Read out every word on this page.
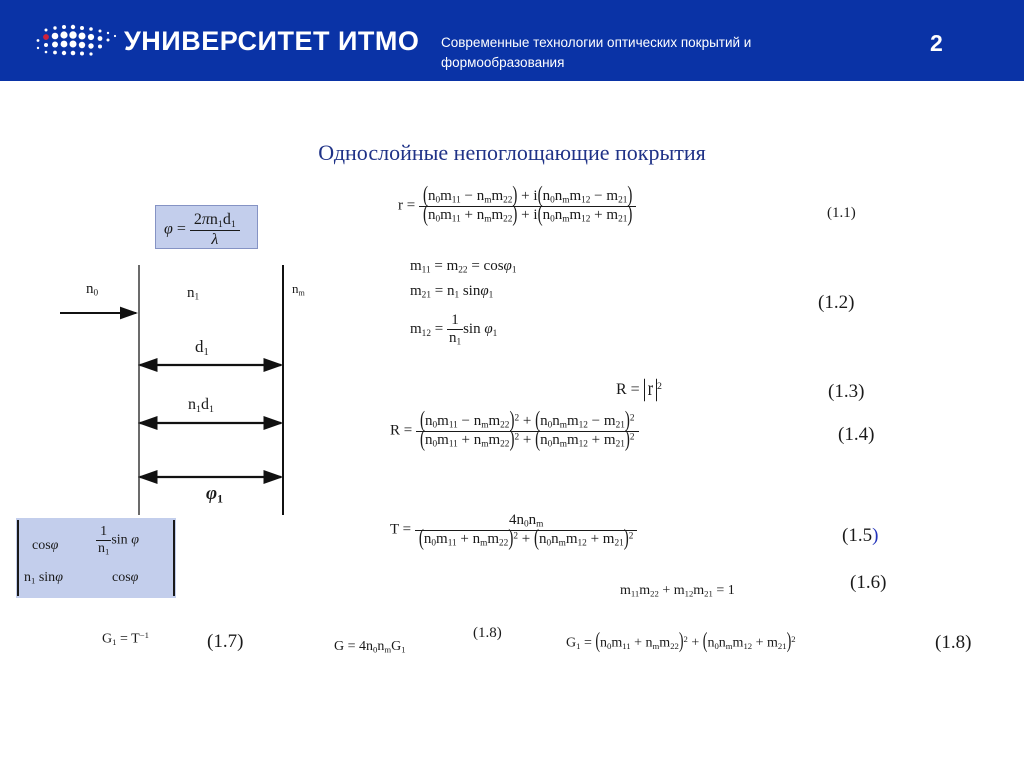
УНИВЕРСИТЕТ ИТМО Современные технологии оптических покрытий и формообразования
2
Однослойные непоглощающие покрытия
$\varphi = \frac{2\pi n_1d_1}{\lambda}$
$n_0$	$n_1$
$n_m$
$d_1$
$n_1d_1$
$\varphi_1$
cosφ	$\frac{1}{n_1}$ sin φ
$n_1$ sinφ	cosφ
$r = \frac{(n_0m_{11} - n_mm_{22}) + i(n_0n_mm_{12} - m_{21})}{(n_0m_{11} + n_mm_{22}) + i(n_0n_mm_{12} + m_{21})}$	(1.1)
$m_{11} = m_{22} = \cos\varphi_1$
$m_{21} = n_1$ sinφ$_1$
$m_{12} = \frac{1}{n_1}$ $\sin \varphi_1$
(1.2)
R = r $^2$	(1.3)
$R = \frac{(n_0m_{11} - n_mm_{22})^2 + (n_0n_mm_{12} - m_{21})^2}{(n_0m_{11} + n_mm_{22})^2 + (n_0n_mm_{12} + m_{21})^2}$	(1.4)
$T = \frac{4n_0n_m}{(n_0m_{11} + n_mm_{22})^2 + (n_0n_mm_{12} + m_{21})^2}$	(1.5)
$m_{11}m_{22} + m_{12}m_{21} = 1$	(1.6)
$G_1 = T^{-1}$	(1.7)	$G = 4n_0n_mG_1$
(1.8)
$G_1 = (n_0m_{11} + n_mm_{22})^2 + (n_0n_mm_{12} + m_{21})^2$	(1.8)
